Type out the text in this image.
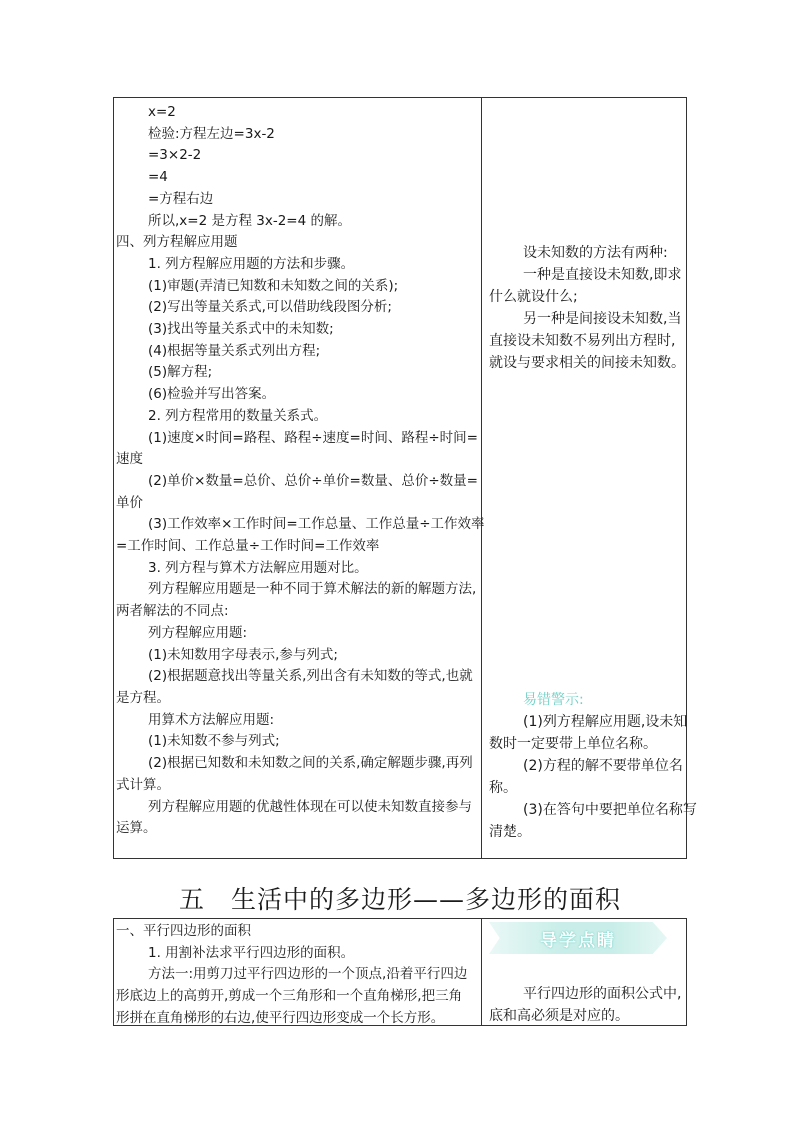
x=2
检验:方程左边=3x-2
=3×2-2
=4
=方程右边
所以,x=2 是方程 3x-2=4 的解。
四、列方程解应用题
1. 列方程解应用题的方法和步骤。
(1)审题(弄清已知数和未知数之间的关系);
(2)写出等量关系式,可以借助线段图分析;
(3)找出等量关系式中的未知数;
(4)根据等量关系式列出方程;
(5)解方程;
(6)检验并写出答案。
2. 列方程常用的数量关系式。
(1)速度×时间=路程、路程÷速度=时间、路程÷时间=
速度
(2)单价×数量=总价、总价÷单价=数量、总价÷数量=
单价
(3)工作效率×工作时间=工作总量、工作总量÷工作效率
=工作时间、工作总量÷工作时间=工作效率
3. 列方程与算术方法解应用题对比。
列方程解应用题是一种不同于算术解法的新的解题方法,
两者解法的不同点:
列方程解应用题:
(1)未知数用字母表示,参与列式;
(2)根据题意找出等量关系,列出含有未知数的等式,也就
是方程。
用算术方法解应用题:
(1)未知数不参与列式;
(2)根据已知数和未知数之间的关系,确定解题步骤,再列
式计算。
列方程解应用题的优越性体现在可以使未知数直接参与
运算。
设未知数的方法有两种:
一种是直接设未知数,即求
什么就设什么;
另一种是间接设未知数,当
直接设未知数不易列出方程时,
就设与要求相关的间接未知数。
易错警示:
(1)列方程解应用题,设未知
数时一定要带上单位名称。
(2)方程的解不要带单位名
称。
(3)在答句中要把单位名称写
清楚。
五 生活中的多边形——多边形的面积
一、平行四边形的面积
1. 用割补法求平行四边形的面积。
方法一:用剪刀过平行四边形的一个顶点,沿着平行四边
形底边上的高剪开,剪成一个三角形和一个直角梯形,把三角
形拼在直角梯形的右边,使平行四边形变成一个长方形。
导学点睛
平行四边形的面积公式中,
底和高必须是对应的。
